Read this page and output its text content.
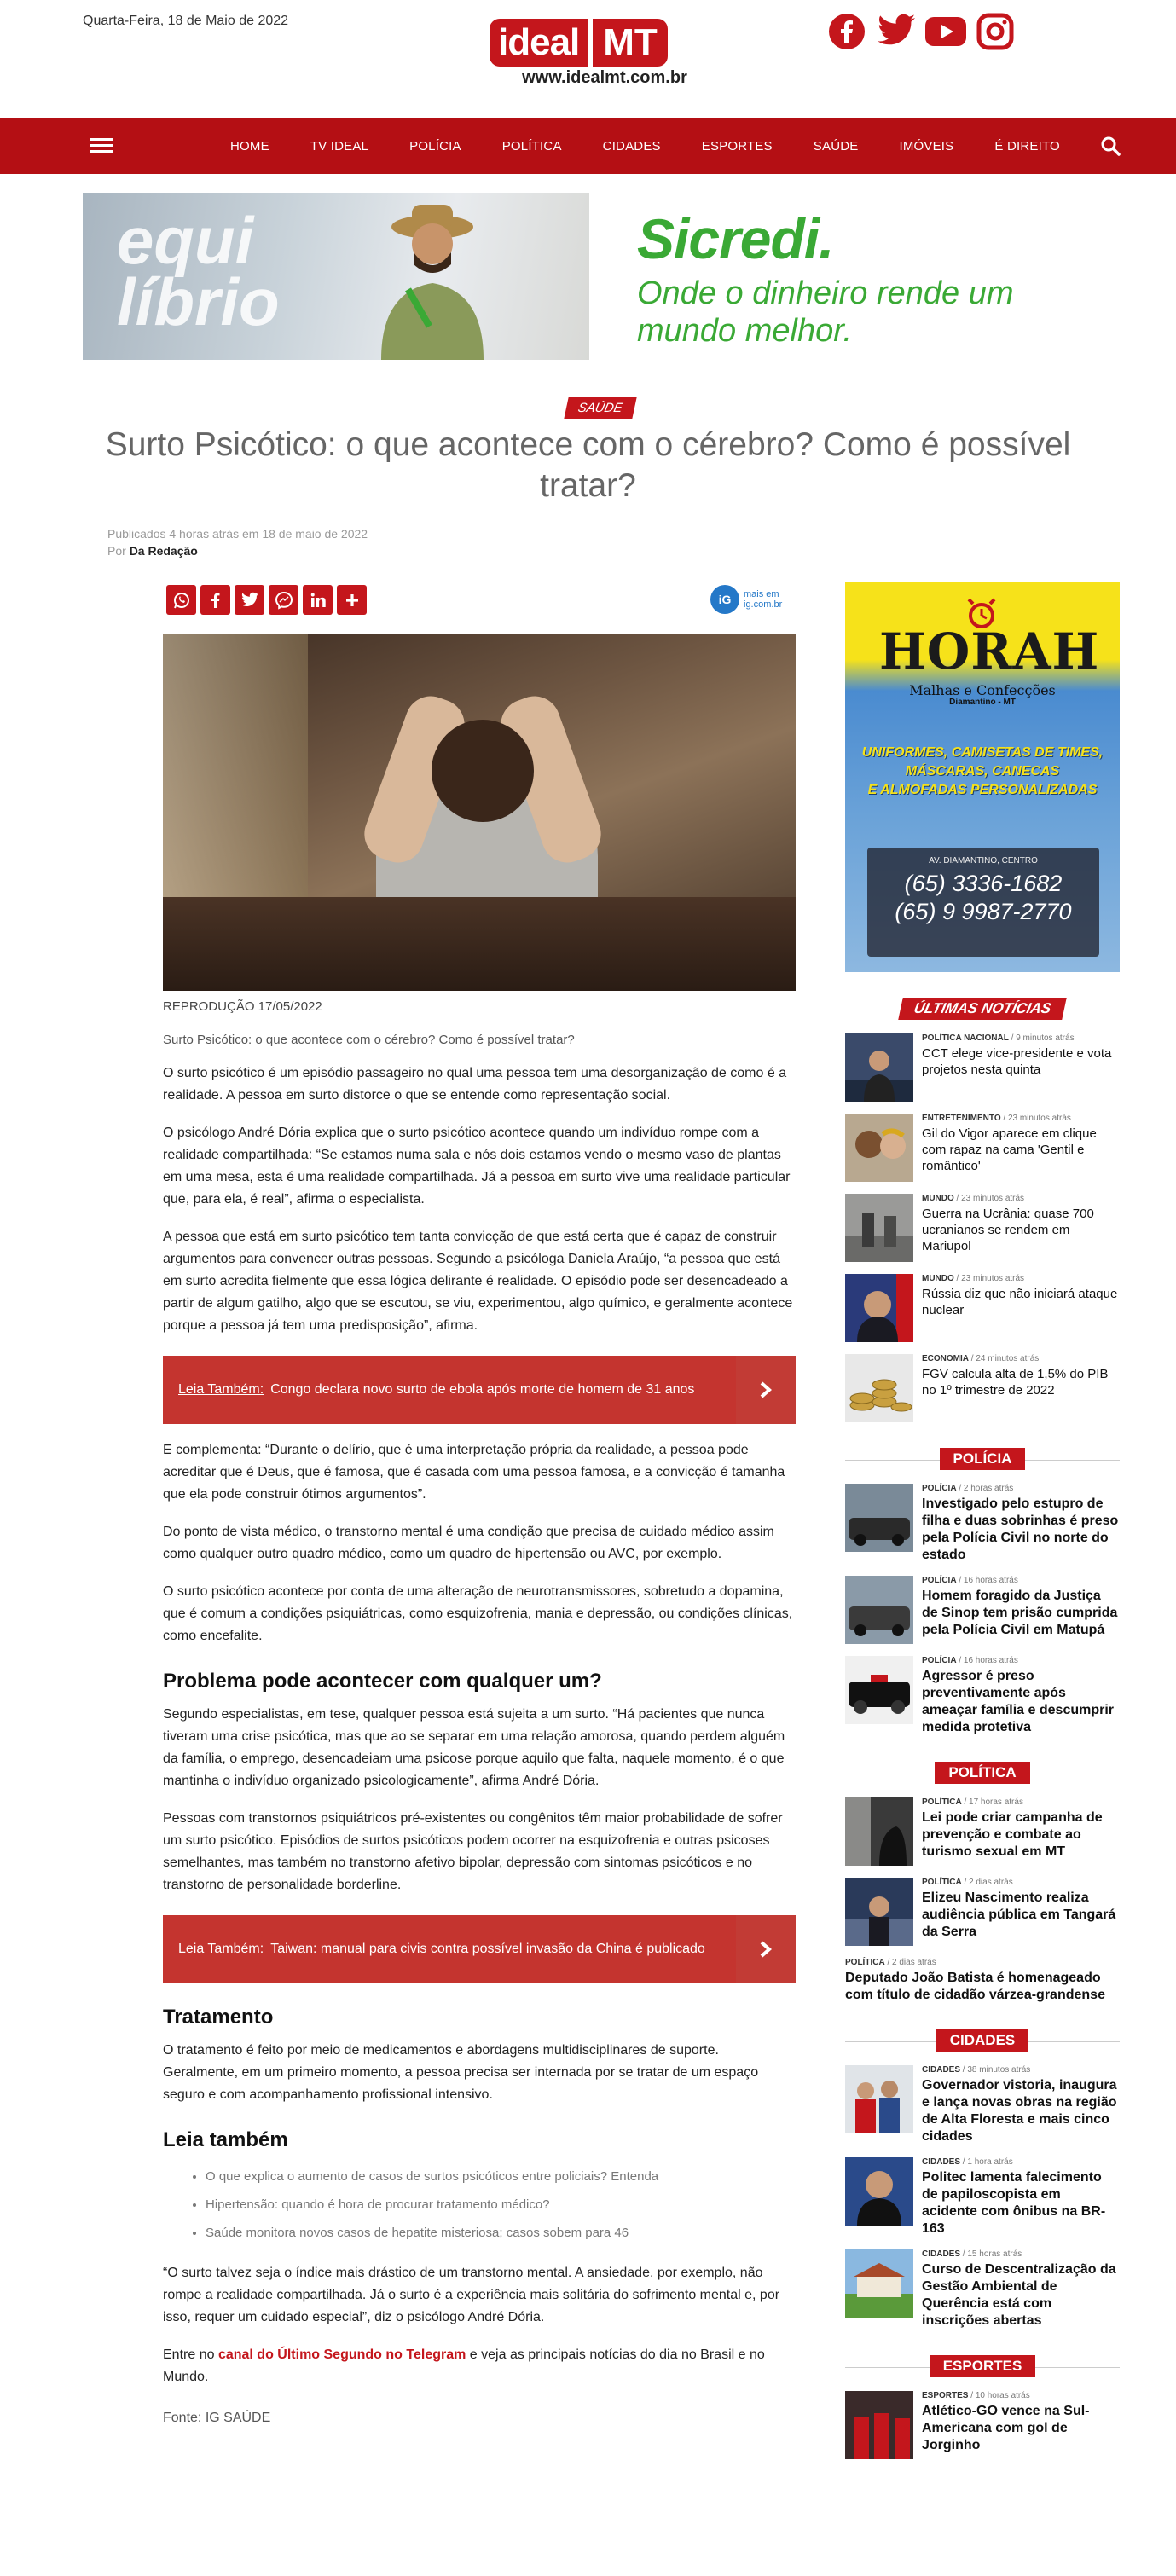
Quarta-Feira, 18 de Maio de 2022
ideal MT
www.idealmt.com.br
HOME	TV IDEAL	POLÍCIA	POLÍTICA	CIDADES	ESPORTES	SAÚDE	IMÓVEIS	É DIREITO
equi
líbrio
Sicredi.
Onde o dinheiro rende um
mundo melhor.
SAÚDE
Surto Psicótico: o que acontece com o cérebro? Como é possível tratar?
Publicados 4 horas atrás em 18 de maio de 2022
Por Da Redação
iG	mais em
ig.com.br
REPRODUÇÃO 17/05/2022
Surto Psicótico: o que acontece com o cérebro? Como é possível tratar?

O surto psicótico é um episódio passageiro no qual uma pessoa tem uma desorganização de como é a realidade. A pessoa em surto distorce o que se entende como representação social.

O psicólogo André Dória explica que o surto psicótico acontece quando um indivíduo rompe com a realidade compartilhada: “Se estamos numa sala e nós dois estamos vendo o mesmo vaso de plantas em uma mesa, esta é uma realidade compartilhada. Já a pessoa em surto vive uma realidade particular que, para ela, é real”, afirma o especialista.

A pessoa que está em surto psicótico tem tanta convicção de que está certa que é capaz de construir argumentos para convencer outras pessoas. Segundo a psicóloga Daniela Araújo, “a pessoa que está em surto acredita fielmente que essa lógica delirante é realidade. O episódio pode ser desencadeado a partir de algum gatilho, algo que se escutou, se viu, experimentou, algo químico, e geralmente acontece porque a pessoa já tem uma predisposição”, afirma.

Leia Também: Congo declara novo surto de ebola após morte de homem de 31 anos

E complementa: “Durante o delírio, que é uma interpretação própria da realidade, a pessoa pode acreditar que é Deus, que é famosa, que é casada com uma pessoa famosa, e a convicção é tamanha que ela pode construir ótimos argumentos”.

Do ponto de vista médico, o transtorno mental é uma condição que precisa de cuidado médico assim como qualquer outro quadro médico, como um quadro de hipertensão ou AVC, por exemplo.

O surto psicótico acontece por conta de uma alteração de neurotransmissores, sobretudo a dopamina, que é comum a condições psiquiátricas, como esquizofrenia, mania e depressão, ou condições clínicas, como encefalite.

Problema pode acontecer com qualquer um?

Segundo especialistas, em tese, qualquer pessoa está sujeita a um surto. “Há pacientes que nunca tiveram uma crise psicótica, mas que ao se separar em uma relação amorosa, quando perdem alguém da família, o emprego, desencadeiam uma psicose porque aquilo que falta, naquele momento, é o que mantinha o indivíduo organizado psicologicamente”, afirma André Dória.

Pessoas com transtornos psiquiátricos pré-existentes ou congênitos têm maior probabilidade de sofrer um surto psicótico. Episódios de surtos psicóticos podem ocorrer na esquizofrenia e outras psicoses semelhantes, mas também no transtorno afetivo bipolar, depressão com sintomas psicóticos e no transtorno de personalidade borderline.

Leia Também: Taiwan: manual para civis contra possível invasão da China é publicado
Tratamento

O tratamento é feito por meio de medicamentos e abordagens multidisciplinares de suporte. Geralmente, em um primeiro momento, a pessoa precisa ser internada por se tratar de um espaço seguro e com acompanhamento profissional intensivo.

Leia também
• O que explica o aumento de casos de surtos psicóticos entre policiais? Entenda
• Hipertensão: quando é hora de procurar tratamento médico?
• Saúde monitora novos casos de hepatite misteriosa; casos sobem para 46

“O surto talvez seja o índice mais drástico de um transtorno mental. A ansiedade, por exemplo, não rompe a realidade compartilhada. Já o surto é a experiência mais solitária do sofrimento mental e, por isso, requer um cuidado especial”, diz o psicólogo André Dória.

Entre no canal do Último Segundo no Telegram e veja as principais notícias do dia no Brasil e no Mundo.

Fonte: IG SAÚDE
HORAH
Malhas e Confecções
Diamantino - MT
UNIFORMES, CAMISETAS DE TIMES,
MÁSCARAS, CANECAS
E ALMOFADAS PERSONALIZADAS
AV. DIAMANTINO, CENTRO
(65) 3336-1682
(65) 9 9987-2770
ÚLTIMAS NOTÍCIAS
POLÍTICA NACIONAL / 9 minutos atrás
CCT elege vice-presidente e vota projetos nesta quinta
ENTRETENIMENTO / 23 minutos atrás
Gil do Vigor aparece em clique com rapaz na cama 'Gentil e romântico'
MUNDO / 23 minutos atrás
Guerra na Ucrânia: quase 700 ucranianos se rendem em Mariupol
MUNDO / 23 minutos atrás
Rússia diz que não iniciará ataque nuclear
ECONOMIA / 24 minutos atrás
FGV calcula alta de 1,5% do PIB no 1º trimestre de 2022
POLÍCIA
POLÍCIA / 2 horas atrás
Investigado pelo estupro de filha e duas sobrinhas é preso pela Polícia Civil no norte do estado
POLÍCIA / 16 horas atrás
Homem foragido da Justiça de Sinop tem prisão cumprida pela Polícia Civil em Matupá
POLÍCIA / 16 horas atrás
Agressor é preso preventivamente após ameaçar família e descumprir medida protetiva
POLÍTICA
POLÍTICA / 17 horas atrás
Lei pode criar campanha de prevenção e combate ao turismo sexual em MT
POLÍTICA / 2 dias atrás
Elizeu Nascimento realiza audiência pública em Tangará da Serra
POLÍTICA / 2 dias atrás
Deputado João Batista é homenageado com título de cidadão várzea-grandense
CIDADES
CIDADES / 38 minutos atrás
Governador vistoria, inaugura e lança novas obras na região de Alta Floresta e mais cinco cidades
CIDADES / 1 hora atrás
Politec lamenta falecimento de papiloscopista em acidente com ônibus na BR-163
CIDADES / 15 horas atrás
Curso de Descentralização da Gestão Ambiental de Querência está com inscrições abertas
ESPORTES
ESPORTES / 10 horas atrás
Atlético-GO vence na Sul-Americana com gol de Jorginho
